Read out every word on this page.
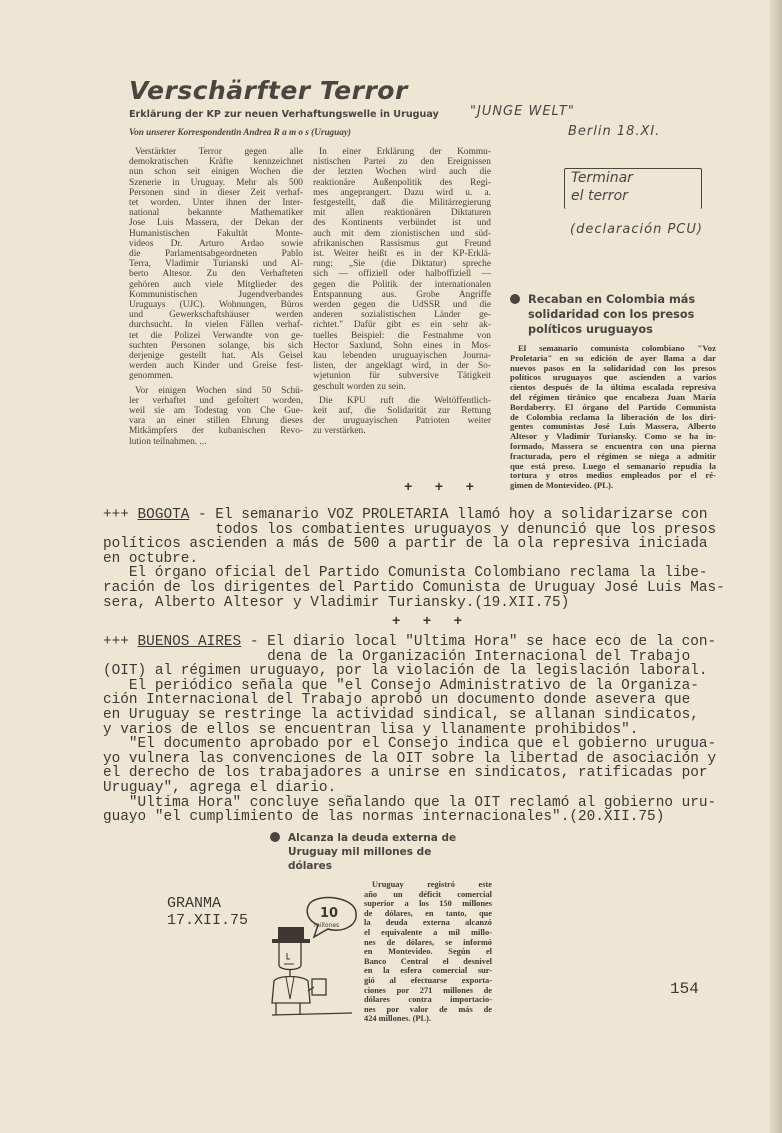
Verschärfter Terror
Erklärung der KP zur neuen Verhaftungswelle in Uruguay
Von unserer Korrespondentin Andrea R a m o s (Uruguay)
Verstärkter Terror gegen alle
demokratischen Kräfte kennzeichnet
nun schon seit einigen Wochen die
Szenerie in Uruguay. Mehr als 500
Personen sind in dieser Zeit verhaf-
tet worden. Unter ihnen der Inter-
national bekannte Mathematiker
Jose Luis Massera, der Dekan der
Humanistischen Fakultät Monte-
videos Dr. Arturo Ardao sowie
die Parlamentsabgeordneten Pablo
Terra, Vladimir Turianski und Al-
berto Altesor. Zu den Verhafteten
gehören auch viele Mitglieder des
Kommunistischen Jugendverbandes
Uruguays (UJC). Wohnungen, Büros
und Gewerkschaftshäuser werden
durchsucht. In vielen Fällen verhaf-
tet die Polizei Verwandte von ge-
suchten Personen solange, bis sich
derjenige gestellt hat. Als Geisel
werden auch Kinder und Greise fest-
genommen.
Vor einigen Wochen sind 50 Schü-
ler verhaftet und gefoltert worden,
weil sie am Todestag von Che Gue-
vara an einer stillen Ehrung dieses
Mitkämpfers der kubanischen Revo-
lution teilnahmen. ...
In einer Erklärung der Kommu-
nistischen Partei zu den Ereignissen
der letzten Wochen wird auch die
reaktionäre Außenpolitik des Regi-
mes angeprangert. Dazu wird u. a.
festgestellt, daß die Militärregierung
mit allen reaktionären Diktaturen
des Kontinents verbündet ist und
auch mit dem zionistischen und süd-
afrikanischen Rassismus gut Freund
ist. Weiter heißt es in der KP-Erklä-
rung: „Sie (die Diktatur) spreche
sich — offiziell oder halboffiziell —
gegen die Politik der internationalen
Entspannung aus. Grobe Angriffe
werden gegen die UdSSR und die
anderen sozialistischen Länder ge-
richtet." Dafür gibt es ein sehr ak-
tuelles Beispiel: die Festnahme von
Hector Saxlund, Sohn eines in Mos-
kau lebenden uruguayischen Journa-
listen, der angeklagt wird, in der So-
wjetunion für subversive Tätigkeit
geschult worden zu sein.
Die KPU ruft die Weltöffentlich-
keit auf, die Solidarität zur Rettung
der uruguayischen Patrioten weiter
zu verstärken.
"JUNGE WELT"
Berlin 18.XI.
Terminar
el terror
(declaración PCU)
Recaban en Colombia más
solidaridad con los presos
políticos uruguayos
El semanario comunista colombiano "Voz
Proletaria" en su edición de ayer llama a dar
nuevos pasos en la solidaridad con los presos
políticos uruguayos que ascienden a varios
cientos después de la última escalada represiva
del régimen tiránico que encabeza Juan María
Bordaberry. El órgano del Partido Comunista
de Colombia reclama la liberación de los diri-
gentes comunistas José Luis Massera, Alberto
Altesor y Vladimir Turiansky. Como se ha in-
formado, Massera se encuentra con una pierna
fracturada, pero el régimen se niega a admitir
que está preso. Luego el semanario repudia la
tortura y otros medios empleados por el ré-
gimen de Montevideo. (PL).
+ + +
+++ BOGOTA - El semanario VOZ PROLETARIA llamó hoy a solidarizarse con
todos los combatientes uruguayos y denunció que los presos
políticos ascienden a más de 500 a partir de la ola represiva iniciada
en octubre.
El órgano oficial del Partido Comunista Colombiano reclama la libe-
ración de los dirigentes del Partido Comunista de Uruguay José Luis Mas-
sera, Alberto Altesor y Vladimir Turiansky.(19.XII.75)
+ + +
+++ BUENOS AIRES - El diario local "Ultima Hora" se hace eco de la con-
dena de la Organización Internacional del Trabajo
(OIT) al régimen uruguayo, por la violación de la legislación laboral.
El periódico señala que "el Consejo Administrativo de la Organiza-
ción Internacional del Trabajo aprobó un documento donde asevera que
en Uruguay se restringe la actividad sindical, se allanan sindicatos,
y varios de ellos se encuentran lisa y llanamente prohibidos".
"El documento aprobado por el Consejo indica que el gobierno urugua-
yo vulnera las convenciones de la OIT sobre la libertad de asociación y
el derecho de los trabajadores a unirse en sindicatos, ratificadas por
Uruguay", agrega el diario.
"Ultima Hora" concluye señalando que la OIT reclamó al gobierno uru-
guayo "el cumplimiento de las normas internacionales".(20.XII.75)
Alcanza la deuda externa de
Uruguay mil millones de
dólares
Uruguay registró este
año un déficit comercial
superior a los 150 millones
de dólares, en tanto, que
la deuda externa alcanzó
el equivalente a mil millo-
nes de dólares, se informó
en Montevideo. Según el
Banco Central el desnivel
en la esfera comercial sur-
gió al efectuarse exporta-
ciones por 271 millones de
dólares contra importacio-
nes por valor de más de
424 millones. (PL).
GRANMA
17.XII.75	10
millones
154
